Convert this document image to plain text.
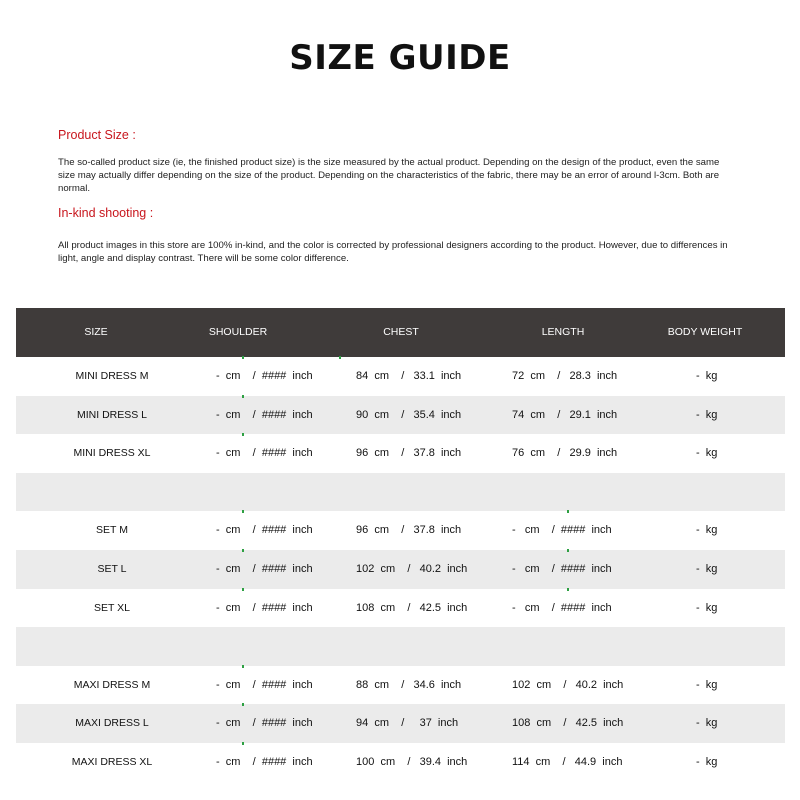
SIZE GUIDE
Product Size :
The so-called product size (ie, the finished product size) is the size measured by the actual product. Depending on the design of the product, even the same size may actually differ depending on the size of the product. Depending on the characteristics of the fabric, there may be an error of around l-3cm. Both are normal.
In-kind shooting :
All product images in this store are 100% in-kind, and the color is corrected by professional designers according to the product. However, due to differences in light, angle and display contrast. There will be some color difference.
SIZE	SHOULDER	CHEST	LENGTH	BODY WEIGHT
MINI DRESS M	-  cm    /  ####  inch	84  cm    /   33.1  inch	72  cm    /   28.3  inch	-  kg
MINI DRESS L	-  cm    /  ####  inch	90  cm    /   35.4  inch	74  cm    /   29.1  inch	-  kg
MINI DRESS XL	-  cm    /  ####  inch	96  cm    /   37.8  inch	76  cm    /   29.9  inch	-  kg
SET M	-  cm    /  ####  inch	96  cm    /   37.8  inch	-   cm    /  ####  inch	-  kg
SET L	-  cm    /  ####  inch	102  cm    /   40.2  inch	-   cm    /  ####  inch	-  kg
SET XL	-  cm    /  ####  inch	108  cm    /   42.5  inch	-   cm    /  ####  inch	-  kg
MAXI DRESS M	-  cm    /  ####  inch	88  cm    /   34.6  inch	102  cm    /   40.2  inch	-  kg
MAXI DRESS L	-  cm    /  ####  inch	94  cm    /     37  inch	108  cm    /   42.5  inch	-  kg
MAXI DRESS XL	-  cm    /  ####  inch	100  cm    /   39.4  inch	114  cm    /   44.9  inch	-  kg
